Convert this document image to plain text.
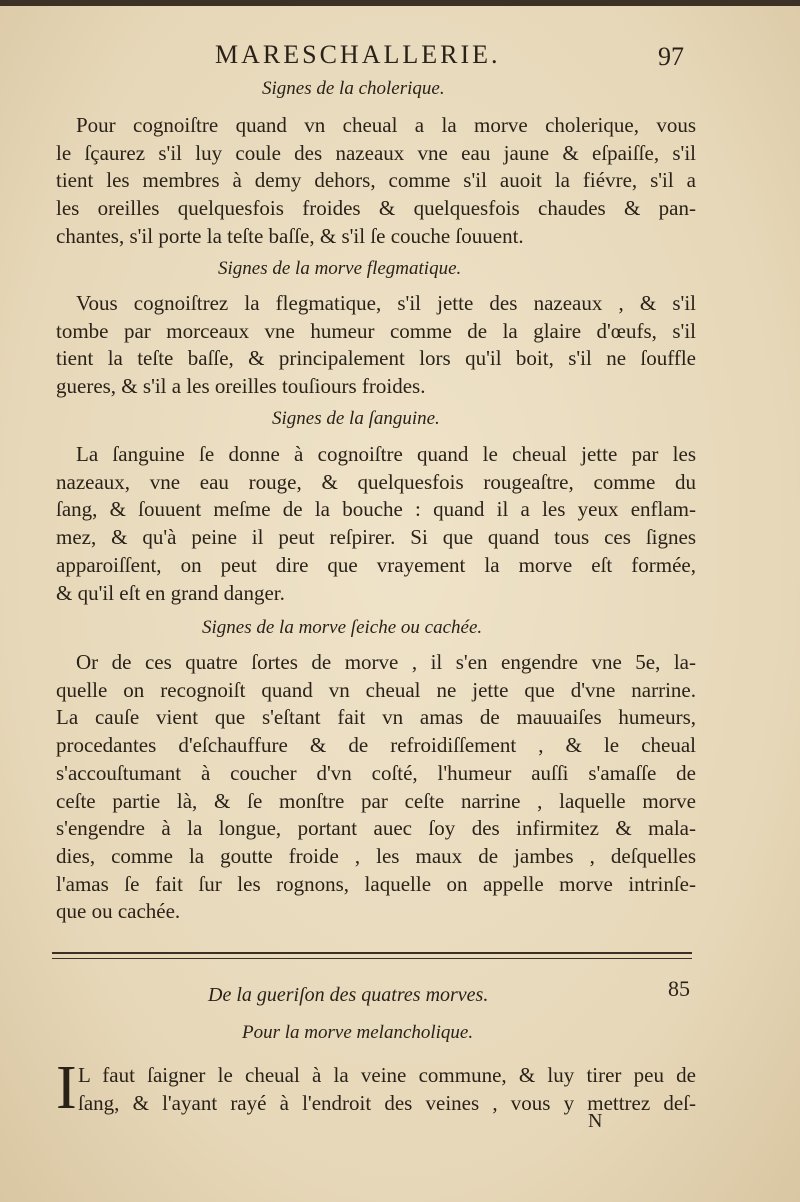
MARESCHALLERIE.	97
Signes de la cholerique.
Pour cognoiſtre quand vn cheual a la morve cholerique, vous
le ſçaurez s'il luy coule des nazeaux vne eau jaune & eſpaiſſe, s'il
tient les membres à demy dehors, comme s'il auoit la fiévre, s'il a
les oreilles quelquesfois froides & quelquesfois chaudes & pan-
chantes, s'il porte la teſte baſſe, & s'il ſe couche ſouuent.
Signes de la morve flegmatique.
Vous cognoiſtrez la flegmatique, s'il jette des nazeaux , & s'il
tombe par morceaux vne humeur comme de la glaire d'œufs, s'il
tient la teſte baſſe, & principalement lors qu'il boit, s'il ne ſouffle
gueres, & s'il a les oreilles touſiours froides.
Signes de la ſanguine.
La ſanguine ſe donne à cognoiſtre quand le cheual jette par les
nazeaux, vne eau rouge, & quelquesfois rougeaſtre, comme du
ſang, & ſouuent meſme de la bouche : quand il a les yeux enflam-
mez, & qu'à peine il peut reſpirer. Si que quand tous ces ſignes
apparoiſſent, on peut dire que vrayement la morve eſt formée,
& qu'il eſt en grand danger.
Signes de la morve ſeiche ou cachée.
Or de ces quatre ſortes de morve , il s'en engendre vne 5e, la-
quelle on recognoiſt quand vn cheual ne jette que d'vne narrine.
La cauſe vient que s'eſtant fait vn amas de mauuaiſes humeurs,
procedantes d'eſchauffure & de refroidiſſement , & le cheual
s'accouſtumant à coucher d'vn coſté, l'humeur auſſi s'amaſſe de
ceſte partie là, & ſe monſtre par ceſte narrine , laquelle morve
s'engendre à la longue, portant auec ſoy des infirmitez & mala-
dies, comme la goutte froide , les maux de jambes , deſquelles
l'amas ſe fait ſur les rognons, laquelle on appelle morve intrinſe-
que ou cachée.
De la gueriſon des quatres morves.	85
Pour la morve melancholique.
I L faut ſaigner le cheual à la veine commune, & luy tirer peu de
ſang, & l'ayant rayé à l'endroit des veines , vous y mettrez deſ-
N
